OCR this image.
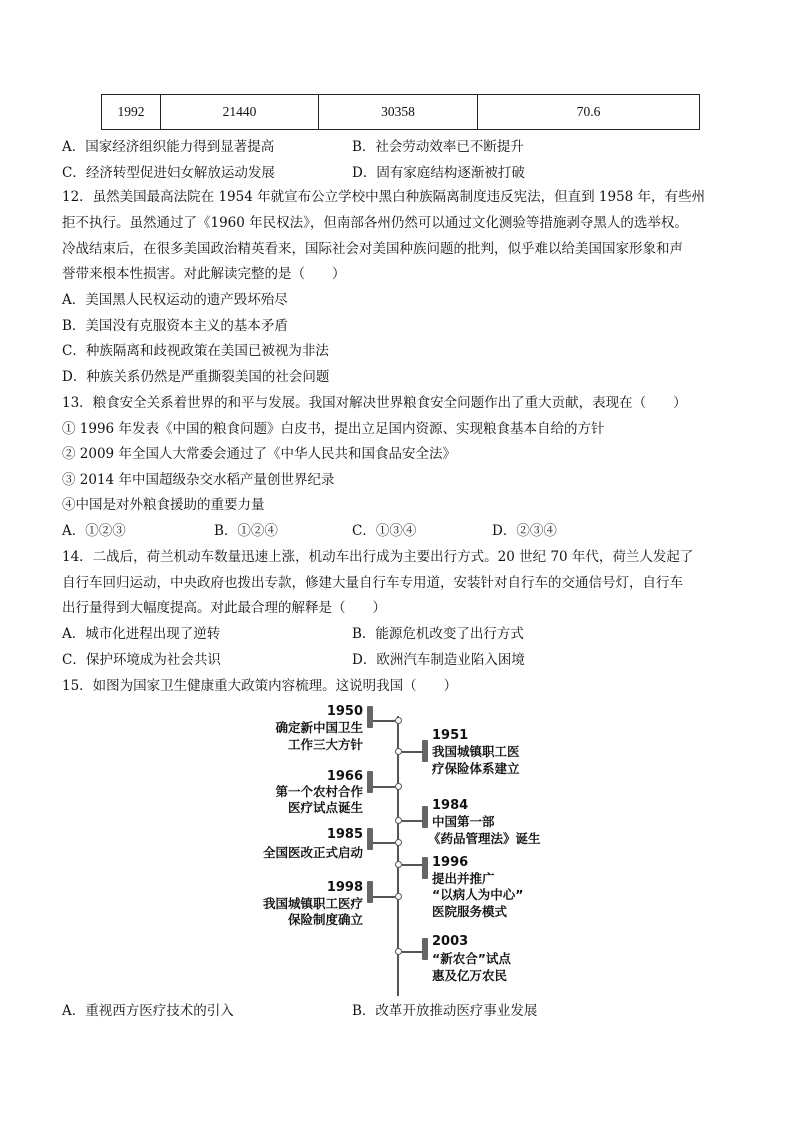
1992	21440	30358	70.6
A．国家经济组织能力得到显著提高	B．社会劳动效率已不断提升
C．经济转型促进妇女解放运动发展	D．固有家庭结构逐渐被打破
12．虽然美国最高法院在 1954 年就宣布公立学校中黑白种族隔离制度违反宪法，但直到 1958 年，有些州
拒不执行。虽然通过了《1960 年民权法》，但南部各州仍然可以通过文化测验等措施剥夺黑人的选举权。
冷战结束后，在很多美国政治精英看来，国际社会对美国种族问题的批判，似乎难以给美国国家形象和声
誉带来根本性损害。对此解读完整的是（　　）
A．美国黑人民权运动的遗产毁坏殆尽
B．美国没有克服资本主义的基本矛盾
C．种族隔离和歧视政策在美国已被视为非法
D．种族关系仍然是严重撕裂美国的社会问题
13．粮食安全关系着世界的和平与发展。我国对解决世界粮食安全问题作出了重大贡献，表现在（　　）
① 1996 年发表《中国的粮食问题》白皮书，提出立足国内资源、实现粮食基本自给的方针
② 2009 年全国人大常委会通过了《中华人民共和国食品安全法》
③ 2014 年中国超级杂交水稻产量创世界纪录
④中国是对外粮食援助的重要力量
A．①②③	B．①②④	C．①③④	D．②③④
14．二战后，荷兰机动车数量迅速上涨，机动车出行成为主要出行方式。20 世纪 70 年代，荷兰人发起了
自行车回归运动，中央政府也拨出专款，修建大量自行车专用道，安装针对自行车的交通信号灯，自行车
出行量得到大幅度提高。对此最合理的解释是（　　）
A．城市化进程出现了逆转	B．能源危机改变了出行方式
C．保护环境成为社会共识	D．欧洲汽车制造业陷入困境
15．如图为国家卫生健康重大政策内容梳理。这说明我国（　　）
1950
确定新中国卫生
工作三大方针
1966
第一个农村合作
医疗试点诞生
1985
全国医改正式启动
1998
我国城镇职工医疗
保险制度确立
1951
我国城镇职工医
疗保险体系建立
1984
中国第一部
《药品管理法》诞生
1996
提出并推广
“以病人为中心”
医院服务模式
2003
“新农合”试点
惠及亿万农民
A．重视西方医疗技术的引入	B．改革开放推动医疗事业发展
